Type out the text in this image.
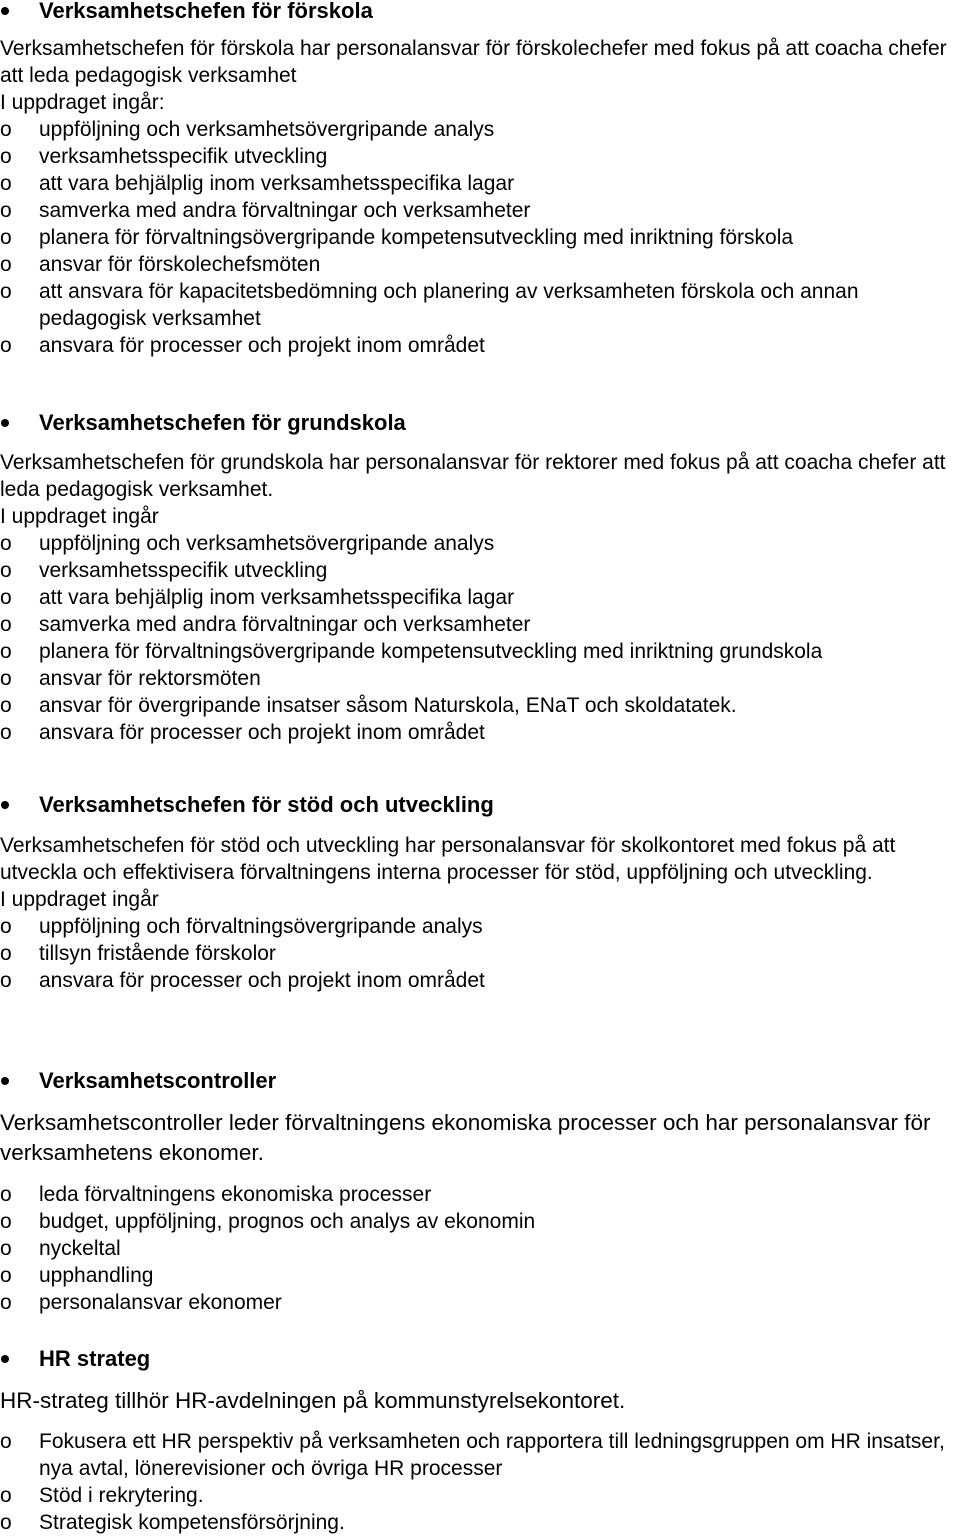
Verksamhetschefen för förskola

Verksamhetschefen för förskola har personalansvar för förskolechefer med fokus på att coacha chefer att leda pedagogisk verksamhet

I uppdraget ingår:

o uppföljning och verksamhetsövergripande analys
o verksamhetsspecifik utveckling
o att vara behjälplig inom verksamhetsspecifika lagar
o samverka med andra förvaltningar och verksamheter
o planera för förvaltningsövergripande kompetensutveckling med inriktning förskola
o ansvar för förskolechefsmöten
o att ansvara för kapacitetsbedömning och planering av verksamheten förskola och annan pedagogisk verksamhet
o ansvara för processer och projekt inom området
Verksamhetschefen för grundskola

Verksamhetschefen för grundskola har personalansvar för rektorer med fokus på att coacha chefer att leda pedagogisk verksamhet.

I uppdraget ingår

o uppföljning och verksamhetsövergripande analys
o verksamhetsspecifik utveckling
o att vara behjälplig inom verksamhetsspecifika lagar
o samverka med andra förvaltningar och verksamheter
o planera för förvaltningsövergripande kompetensutveckling med inriktning grundskola
o ansvar för rektorsmöten
o ansvar för övergripande insatser såsom Naturskola, ENaT och skoldatatek.
o ansvara för processer och projekt inom området
Verksamhetschefen för stöd och utveckling

Verksamhetschefen för stöd och utveckling har personalansvar för skolkontoret med fokus på att utveckla och effektivisera förvaltningens interna processer för stöd, uppföljning och utveckling.

I uppdraget ingår

o uppföljning och förvaltningsövergripande analys
o tillsyn fristående förskolor
o ansvara för processer och projekt inom området
Verksamhetscontroller

Verksamhetscontroller leder förvaltningens ekonomiska processer och har personalansvar för verksamhetens ekonomer.

o leda förvaltningens ekonomiska processer
o budget, uppföljning, prognos och analys av ekonomin
o nyckeltal
o upphandling
o personalansvar ekonomer
HR strateg

HR-strateg tillhör HR-avdelningen på kommunstyrelsekontoret.

o Fokusera ett HR perspektiv på verksamheten och rapportera till ledningsgruppen om HR insatser, nya avtal, lönerevisioner och övriga HR processer
o Stöd i rekrytering.
o Strategisk kompetensförsörjning.
